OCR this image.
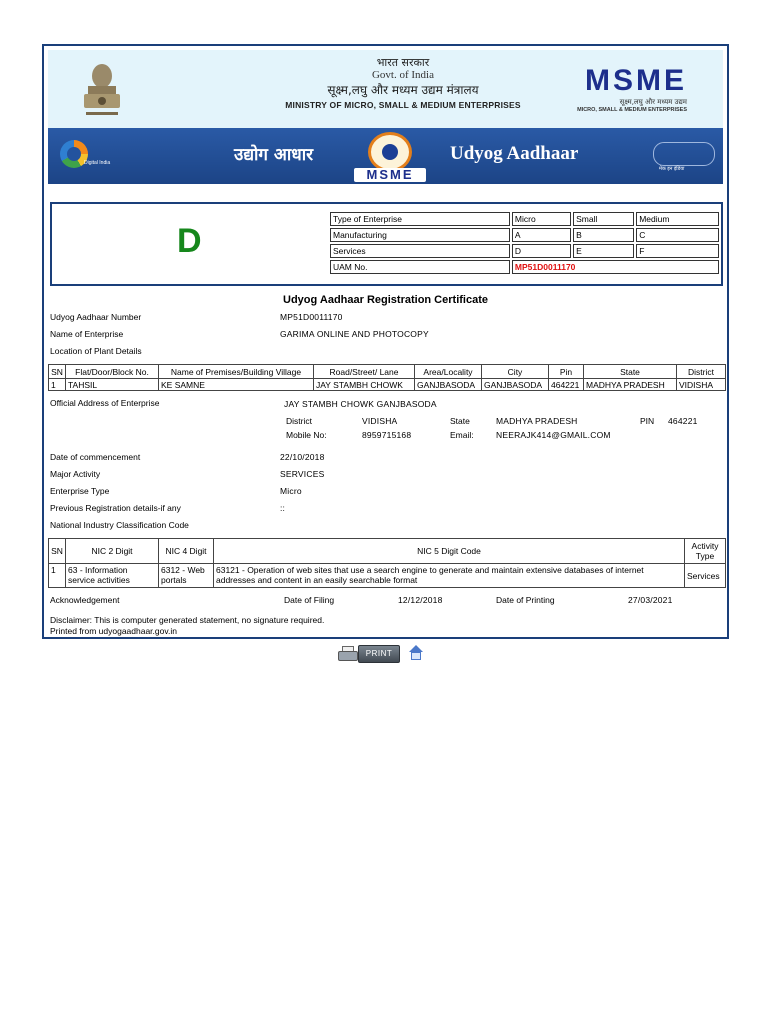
भारत सरकार
Govt. of India
सूक्ष्म,लघु और मध्यम उद्यम मंत्रालय
MINISTRY OF MICRO, SMALL & MEDIUM ENTERPRISES
MSME
सूक्ष्म,लघु और मध्यम उद्यम
MICRO, SMALL & MEDIUM ENTERPRISES
Digital India	उद्योग आधार
MSME
Udyog Aadhaar
मेक इन इंडिया
D
Type of Enterprise	Micro	Small	Medium
Manufacturing	A	B	C
Services	D	E	F
UAM No.	MP51D0011170		
Udyog Aadhaar Registration Certificate
Udyog Aadhaar Number	MP51D0011170
Name of Enterprise	GARIMA ONLINE AND PHOTOCOPY
Location of Plant Details
SN	Flat/Door/Block No.	Name of Premises/Building Village	Road/Street/ Lane	Area/Locality	City	Pin	State	District
1	TAHSIL	KE SAMNE	JAY STAMBH CHOWK	GANJBASODA	GANJBASODA	464221	MADHYA PRADESH	VIDISHA
Official Address of Enterprise	JAY STAMBH CHOWK GANJBASODA
District	VIDISHA	State	MADHYA PRADESH	PIN 464221
Mobile No:	8959715168	Email:	NEERAJK414@GMAIL.COM
Date of commencement	22/10/2018
Major Activity	SERVICES
Enterprise Type	Micro
Previous Registration details-if any	::
National Industry Classification Code
SN	NIC 2 Digit	NIC 4 Digit	NIC 5 Digit Code	Activity Type
1	63 - Information service activities	6312 - Web portals	63121 - Operation of web sites that use a search engine to generate and maintain extensive databases of internet addresses and content in an easily searchable format	Services
Acknowledgement	Date of Filing	12/12/2018	Date of Printing	27/03/2021
Disclaimer: This is computer generated statement, no signature required.
Printed from udyogaadhaar.gov.in
PRINT
